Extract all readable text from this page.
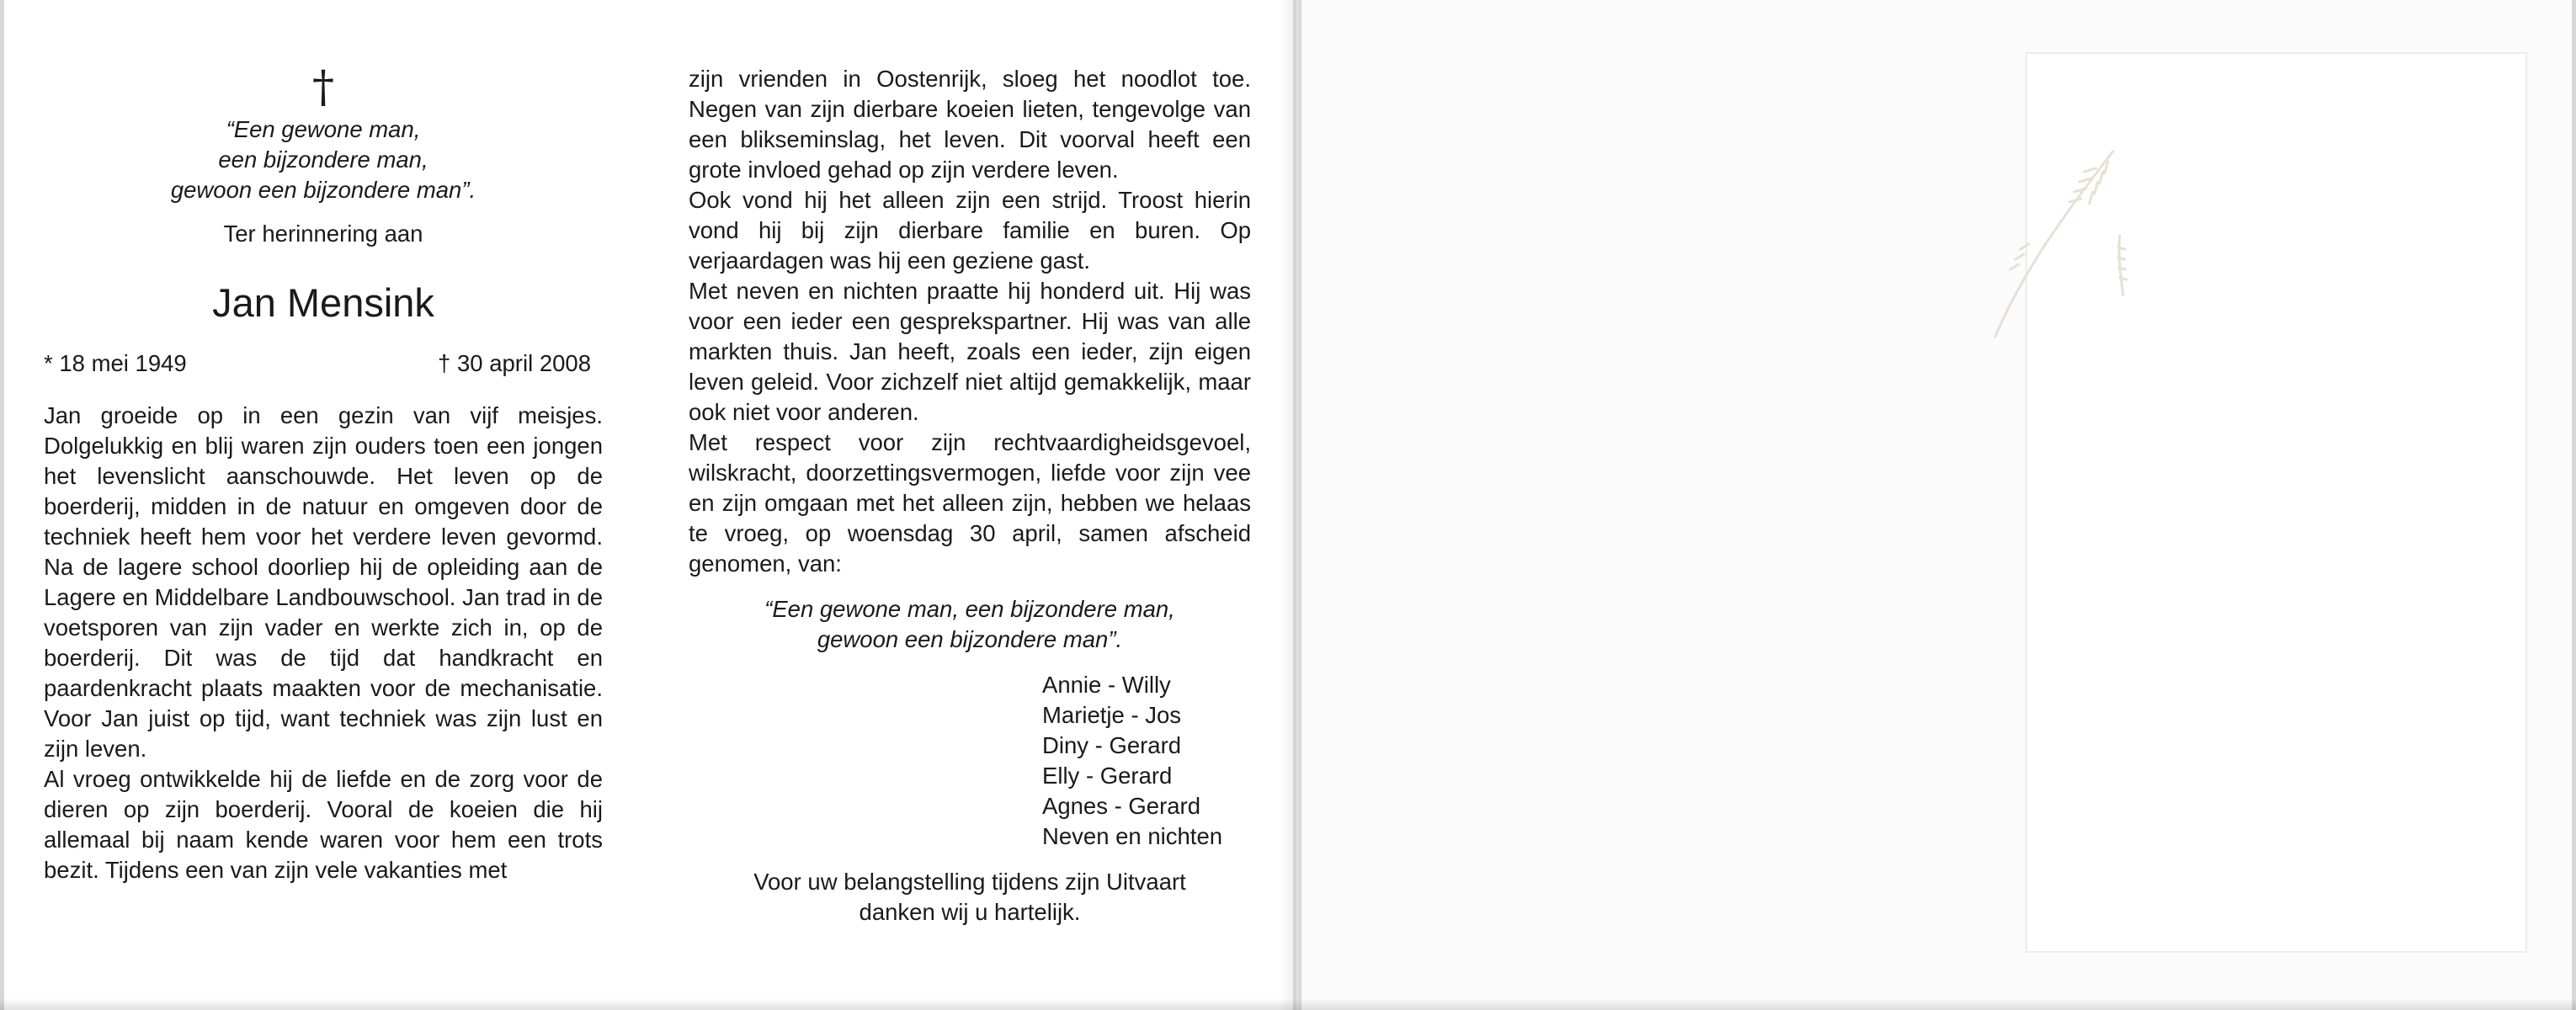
†
“Een gewone man,
een bijzondere man,
gewoon een bijzondere man”.
Ter herinnering aan
Jan Mensink
* 18 mei 1949	† 30 april 2008

Jan groeide op in een gezin van vijf meisjes. Dolgelukkig en blij waren zijn ouders toen een jongen het levenslicht aanschouwde. Het leven op de boerderij, midden in de natuur en omgeven door de techniek heeft hem voor het verdere leven gevormd. Na de lagere school doorliep hij de opleiding aan de Lagere en Middelbare Landbouwschool. Jan trad in de voetsporen van zijn vader en werkte zich in, op de boerderij. Dit was de tijd dat handkracht en paardenkracht plaats maakten voor de mechanisatie. Voor Jan juist op tijd, want techniek was zijn lust en zijn leven.

Al vroeg ontwikkelde hij de liefde en de zorg voor de dieren op zijn boerderij. Vooral de koeien die hij allemaal bij naam kende waren voor hem een trots bezit. Tijdens een van zijn vele vakanties met

zijn vrienden in Oostenrijk, sloeg het noodlot toe. Negen van zijn dierbare koeien lieten, tengevolge van een blikseminslag, het leven. Dit voorval heeft een grote invloed gehad op zijn verdere leven.

Ook vond hij het alleen zijn een strijd. Troost hierin vond hij bij zijn dierbare familie en buren. Op verjaardagen was hij een geziene gast.

Met neven en nichten praatte hij honderd uit. Hij was voor een ieder een gesprekspartner. Hij was van alle markten thuis. Jan heeft, zoals een ieder, zijn eigen leven geleid. Voor zichzelf niet altijd gemakkelijk, maar ook niet voor anderen.

Met respect voor zijn rechtvaardigheidsgevoel, wilskracht, doorzettingsvermogen, liefde voor zijn vee en zijn omgaan met het alleen zijn, hebben we helaas te vroeg, op woensdag 30 april, samen afscheid genomen, van:

“Een gewone man, een bijzondere man,
gewoon een bijzondere man”.
Annie - Willy
Marietje - Jos
Diny - Gerard
Elly - Gerard
Agnes - Gerard
Neven en nichten
Voor uw belangstelling tijdens zijn Uitvaart
danken wij u hartelijk.
